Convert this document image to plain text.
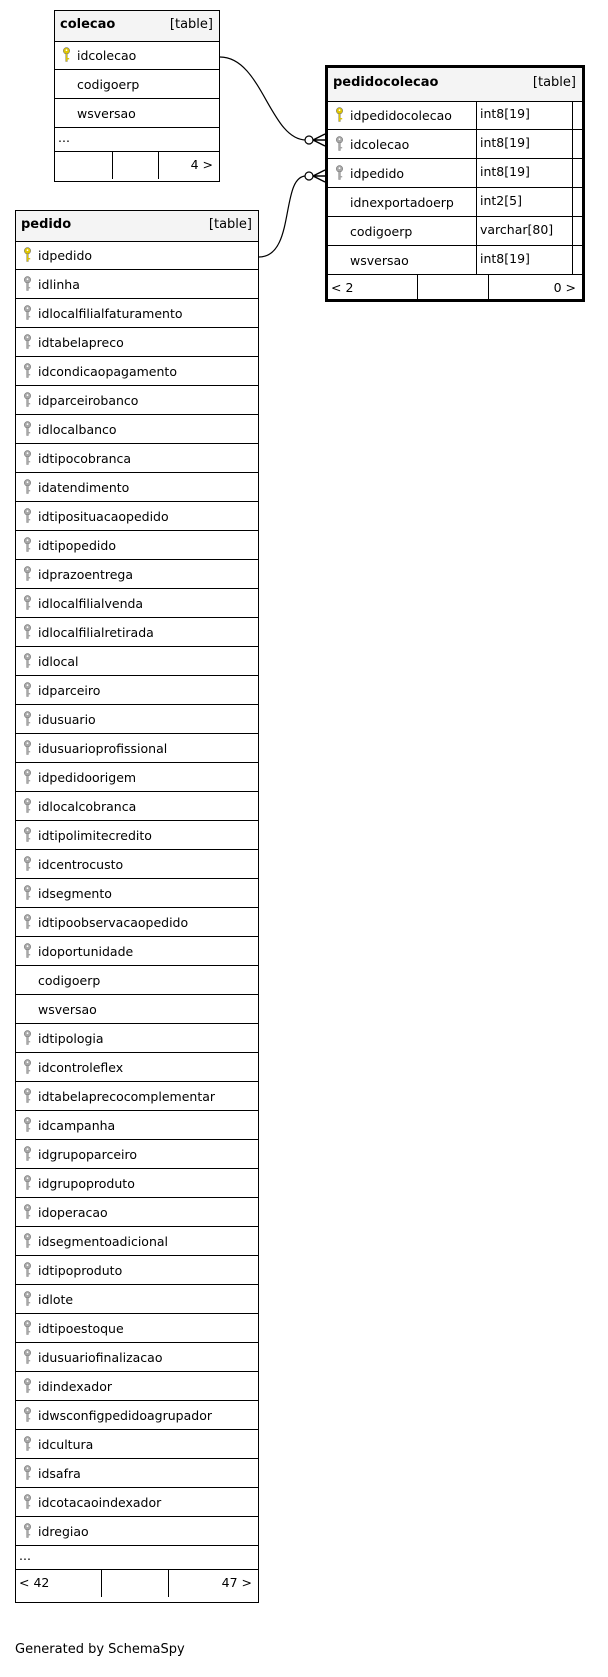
colecao	[table]
idcolecao
codigoerp
wsversao
...
4 >
pedidocolecao	[table]
idpedidocolecao int8[19]
idcolecao	int8[19]
idpedido	int8[19]
idnexportadoerp int2[5]
codigoerp	varchar[80]
wsversao	int8[19]
< 2	0 >
pedido	[table]
idpedido
idlinha
idlocalfilialfaturamento
idtabelapreco
idcondicaopagamento
idparceirobanco
idlocalbanco
idtipocobranca
idatendimento
idtiposituacaopedido
idtipopedido
idprazoentrega
idlocalfilialvenda
idlocalfilialretirada
idlocal
idparceiro
idusuario
idusuarioprofissional
idpedidoorigem
idlocalcobranca
idtipolimitecredito
idcentrocusto
idsegmento
idtipoobservacaopedido
idoportunidade
codigoerp
wsversao
idtipologia
idcontroleflex
idtabelaprecocomplementar
idcampanha
idgrupoparceiro
idgrupoproduto
idoperacao
idsegmentoadicional
idtipoproduto
idlote
idtipoestoque
idusuariofinalizacao
idindexador
idwsconfigpedidoagrupador
idcultura
idsafra
idcotacaoindexador
idregiao
...
< 42	47 >
Generated by SchemaSpy
